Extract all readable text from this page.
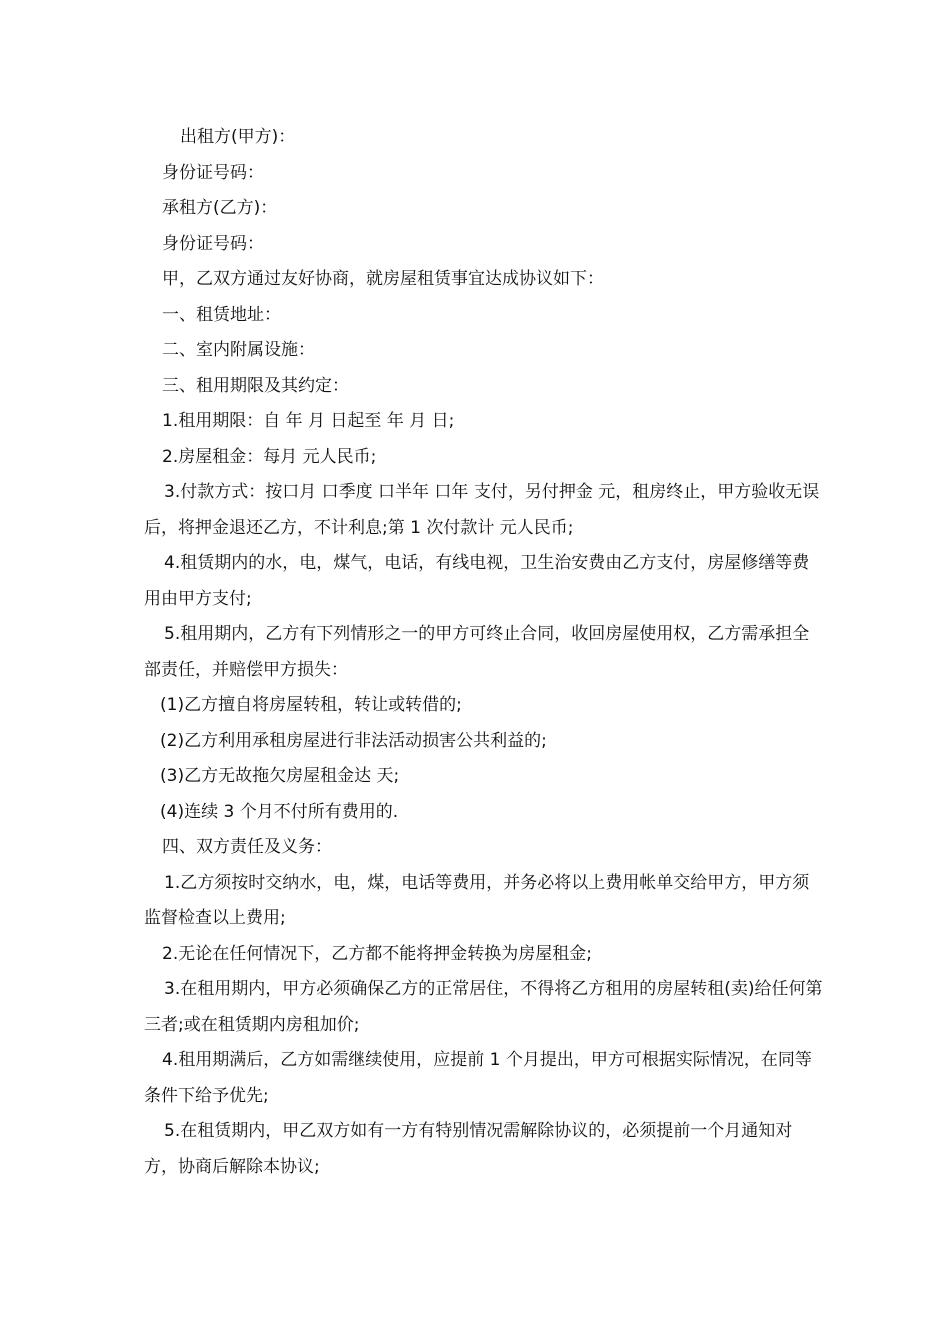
出租方(甲方)：

身份证号码：

承租方(乙方)：

身份证号码：

甲，乙双方通过友好协商，就房屋租赁事宜达成协议如下：

一、租赁地址：

二、室内附属设施：

三、租用期限及其约定：

1.租用期限：自 年 月 日起至 年 月 日;

2.房屋租金：每月 元人民币;

3.付款方式：按口月 口季度 口半年 口年 支付，另付押金 元，租房终止，甲方验收无误后，将押金退还乙方，不计利息;第 1 次付款计 元人民币;

4.租赁期内的水，电，煤气，电话，有线电视，卫生治安费由乙方支付，房屋修缮等费用由甲方支付;

5.租用期内，乙方有下列情形之一的甲方可终止合同，收回房屋使用权，乙方需承担全部责任，并赔偿甲方损失：

(1)乙方擅自将房屋转租，转让或转借的;

(2)乙方利用承租房屋进行非法活动损害公共利益的;

(3)乙方无故拖欠房屋租金达 天;

(4)连续 3 个月不付所有费用的.

四、双方责任及义务：

1.乙方须按时交纳水，电，煤，电话等费用，并务必将以上费用帐单交给甲方，甲方须监督检查以上费用;

2.无论在任何情况下，乙方都不能将押金转换为房屋租金;

3.在租用期内，甲方必须确保乙方的正常居住，不得将乙方租用的房屋转租(卖)给任何第三者;或在租赁期内房租加价;

4.租用期满后，乙方如需继续使用，应提前 1 个月提出，甲方可根据实际情况，在同等条件下给予优先;

5.在租赁期内，甲乙双方如有一方有特别情况需解除协议的，必须提前一个月通知对方，协商后解除本协议;
